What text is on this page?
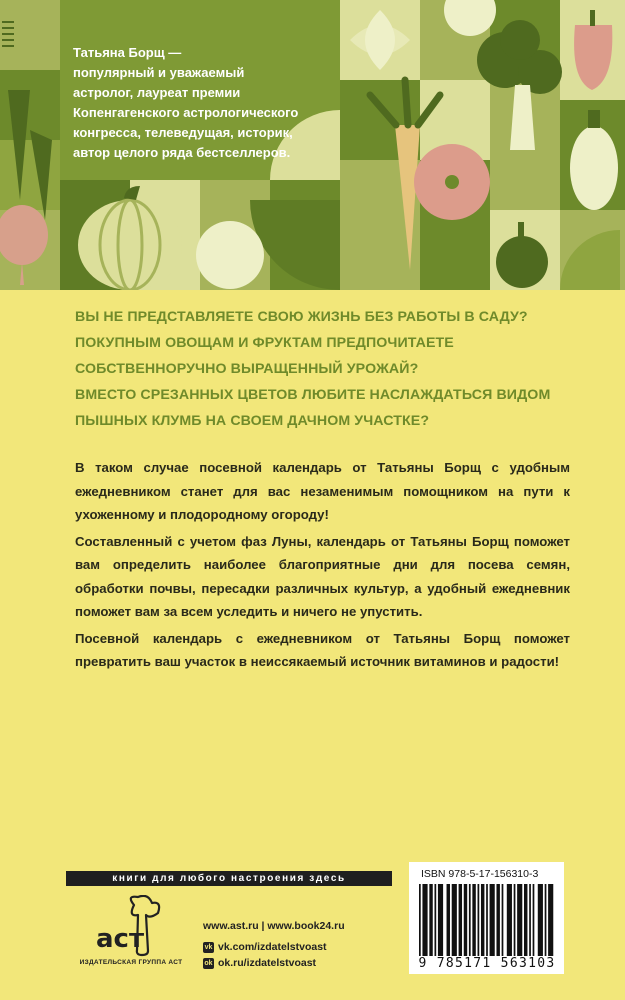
Татьяна Борщ —
популярный и уважаемый
астролог, лауреат премии
Копенгагенского астрологического
конгресса, телеведущая, историк,
автор целого ряда бестселлеров.
ВЫ НЕ ПРЕДСТАВЛЯЕТЕ СВОЮ ЖИЗНЬ БЕЗ РАБОТЫ В САДУ?
ПОКУПНЫМ ОВОЩАМ И ФРУКТАМ ПРЕДПОЧИТАЕТЕ
СОБСТВЕННОРУЧНО ВЫРАЩЕННЫЙ УРОЖАЙ?
ВМЕСТО СРЕЗАННЫХ ЦВЕТОВ ЛЮБИТЕ НАСЛАЖДАТЬСЯ ВИДОМ
ПЫШНЫХ КЛУМБ НА СВОЕМ ДАЧНОМ УЧАСТКЕ?

В таком случае посевной календарь от Татьяны Борщ с удобным ежедневником станет для вас незаменимым помощником на пути к ухоженному и плодородному огороду!

Составленный с учетом фаз Луны, календарь от Татьяны Борщ поможет вам определить наиболее благоприятные дни для посева семян, обработки почвы, пересадки различных культур, а удобный ежедневник поможет вам за всем уследить и ничего не упустить.

Посевной календарь с ежедневником от Татьяны Борщ поможет превратить ваш участок в неиссякаемый источник витаминов и радости!

книги для любого настроения здесь
аст
ИЗДАТЕЛЬСКАЯ ГРУППА АСТ
www.ast.ru | www.book24.ru
vk vk.com/izdatelstvoast
ok ok.ru/izdatelstvoast
ISBN 978-5-17-156310-3
9 785171 563103
